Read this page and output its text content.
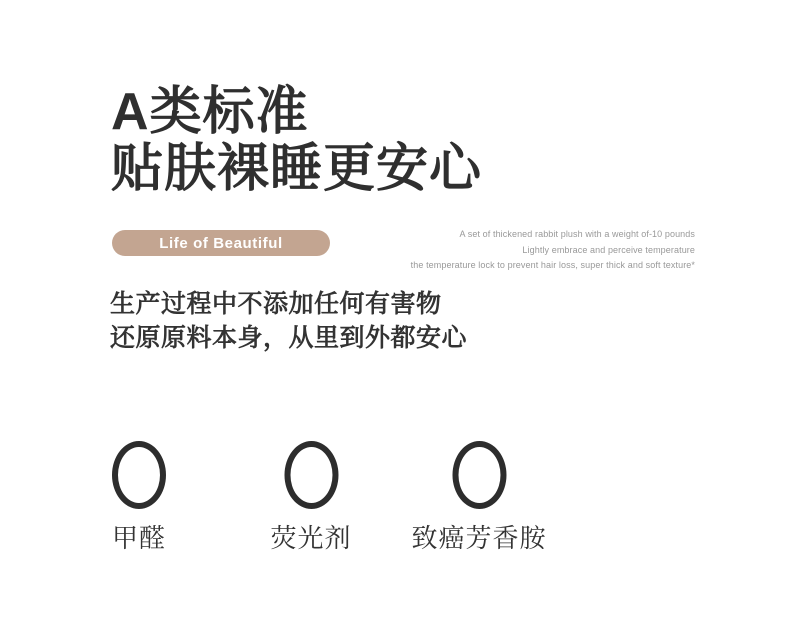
A类标准
贴肤裸睡更安心
Life of Beautiful
A set of thickened rabbit plush with a weight of-10 pounds
Lightly embrace and perceive temperature
the temperature lock to prevent hair loss, super thick and soft texture*

生产过程中不添加任何有害物
还原原料本身，从里到外都安心

甲醛	荧光剂 致癌芳香胺
